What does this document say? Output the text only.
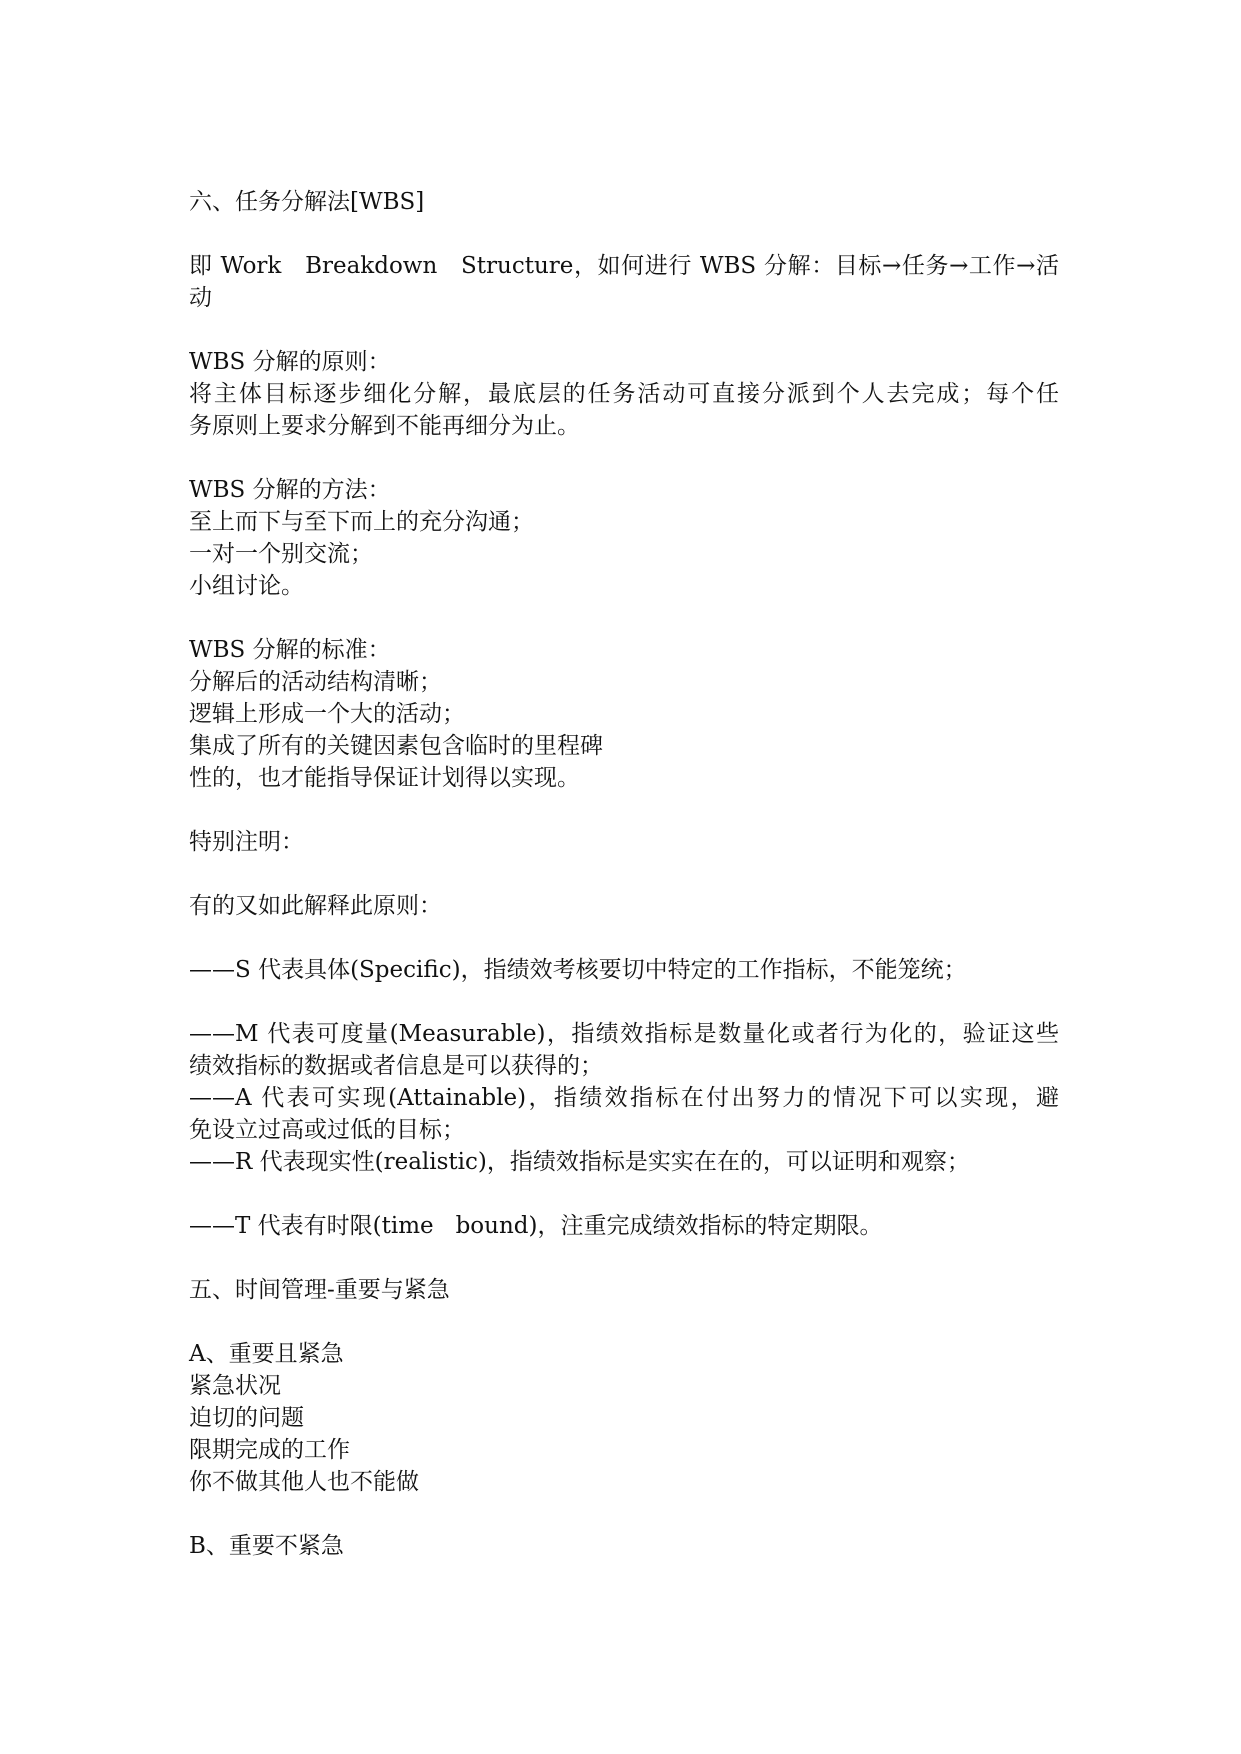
六、任务分解法[WBS]
即 Work   Breakdown   Structure，如何进行 WBS 分解：目标→任务→工作→活
动
WBS 分解的原则：
将主体目标逐步细化分解，最底层的任务活动可直接分派到个人去完成；每个任
务原则上要求分解到不能再细分为止。
WBS 分解的方法：
至上而下与至下而上的充分沟通；
一对一个别交流；
小组讨论。
WBS 分解的标准：
分解后的活动结构清晰；
逻辑上形成一个大的活动；
集成了所有的关键因素包含临时的里程碑
性的，也才能指导保证计划得以实现。
特别注明：
有的又如此解释此原则：
——S 代表具体(Specific)，指绩效考核要切中特定的工作指标，不能笼统；
——M 代表可度量(Measurable)，指绩效指标是数量化或者行为化的，验证这些
绩效指标的数据或者信息是可以获得的；
——A 代表可实现(Attainable)，指绩效指标在付出努力的情况下可以实现，避
免设立过高或过低的目标；
——R 代表现实性(realistic)，指绩效指标是实实在在的，可以证明和观察；
——T 代表有时限(time   bound)，注重完成绩效指标的特定期限。
五、时间管理-重要与紧急
A、重要且紧急
紧急状况
迫切的问题
限期完成的工作
你不做其他人也不能做
B、重要不紧急
